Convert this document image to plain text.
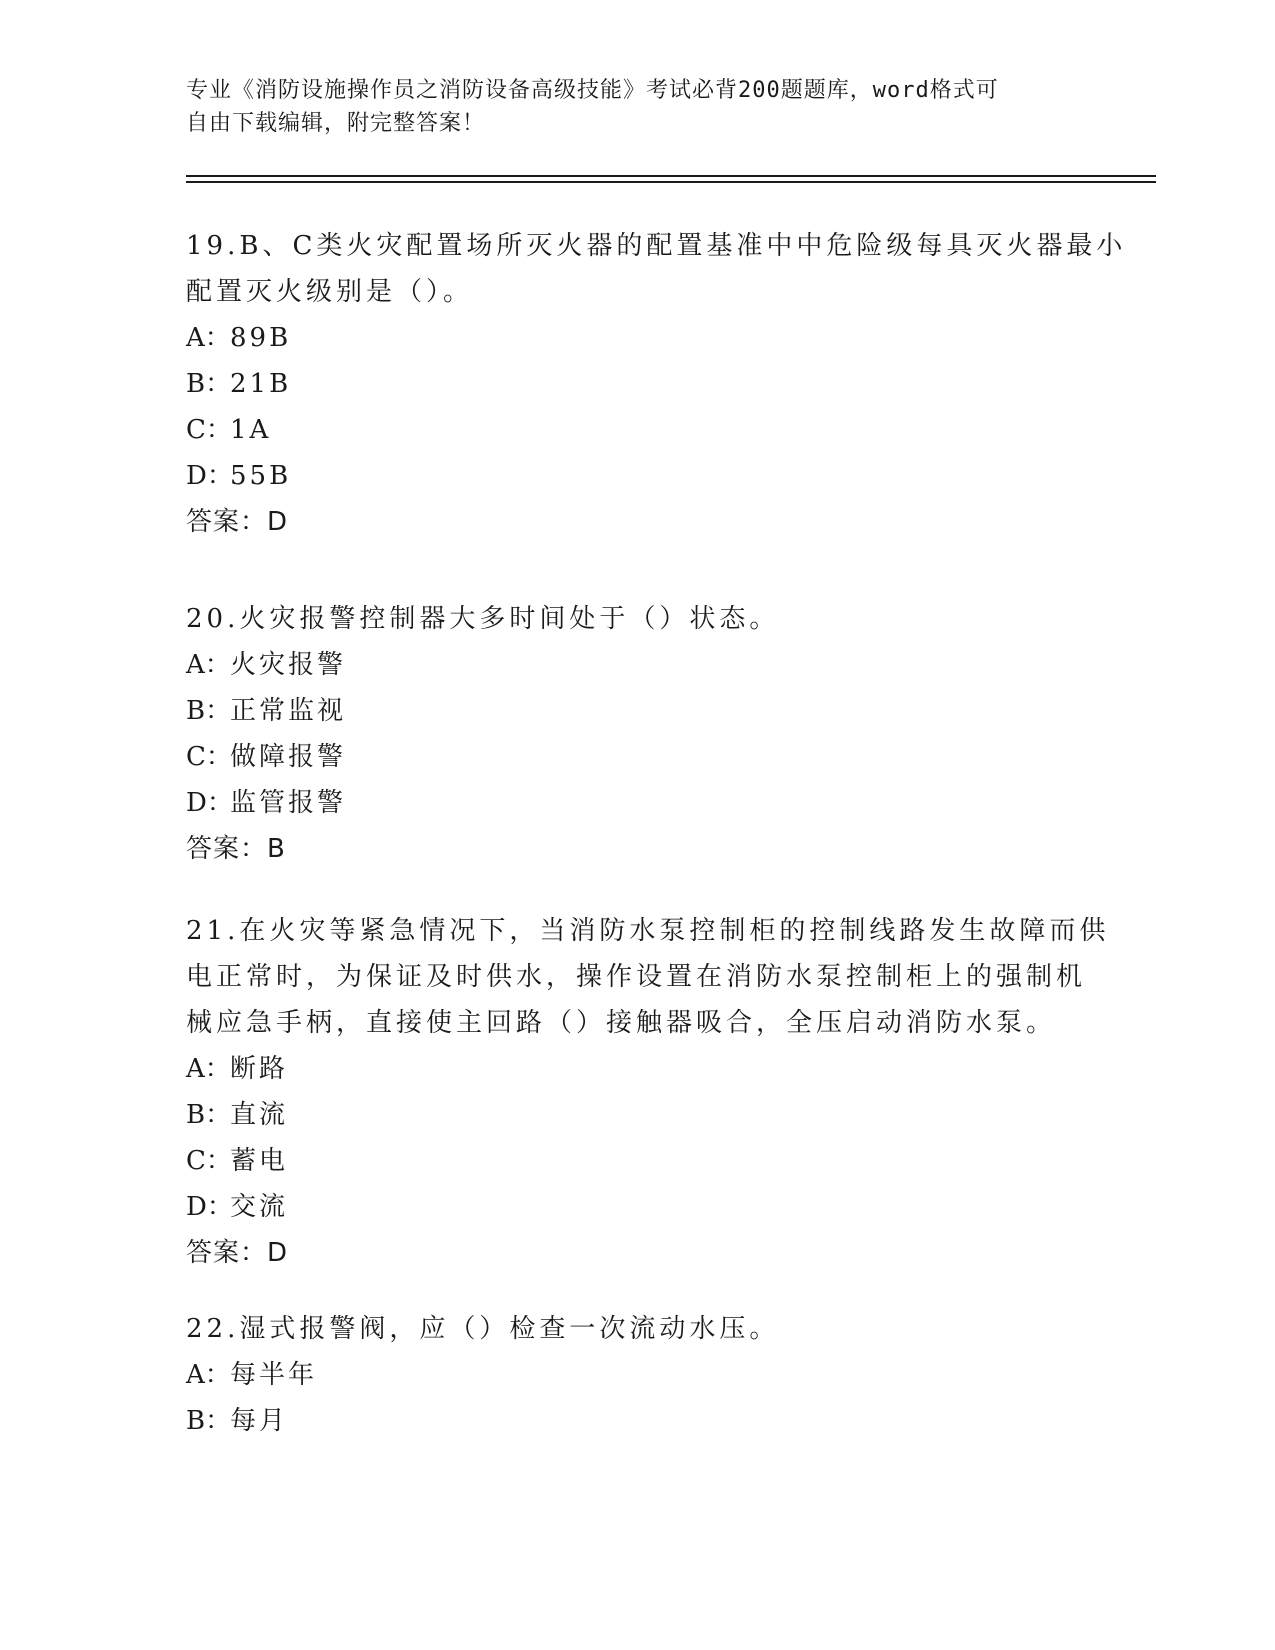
专业《消防设施操作员之消防设备高级技能》考试必背200题题库，word格式可
自由下载编辑，附完整答案！
19.B、C类火灾配置场所灭火器的配置基准中中危险级每具灭火器最小
配置灭火级别是（）。
A：89B
B：21B
C：1A
D：55B
答案：D
20.火灾报警控制器大多时间处于（）状态。
A：火灾报警
B：正常监视
C：做障报警
D：监管报警
答案：B
21.在火灾等紧急情况下，当消防水泵控制柜的控制线路发生故障而供
电正常时，为保证及时供水，操作设置在消防水泵控制柜上的强制机
械应急手柄，直接使主回路（）接触器吸合，全压启动消防水泵。
A：断路
B：直流
C：蓄电
D：交流
答案：D
22.湿式报警阀，应（）检查一次流动水压。
A：每半年
B：每月
